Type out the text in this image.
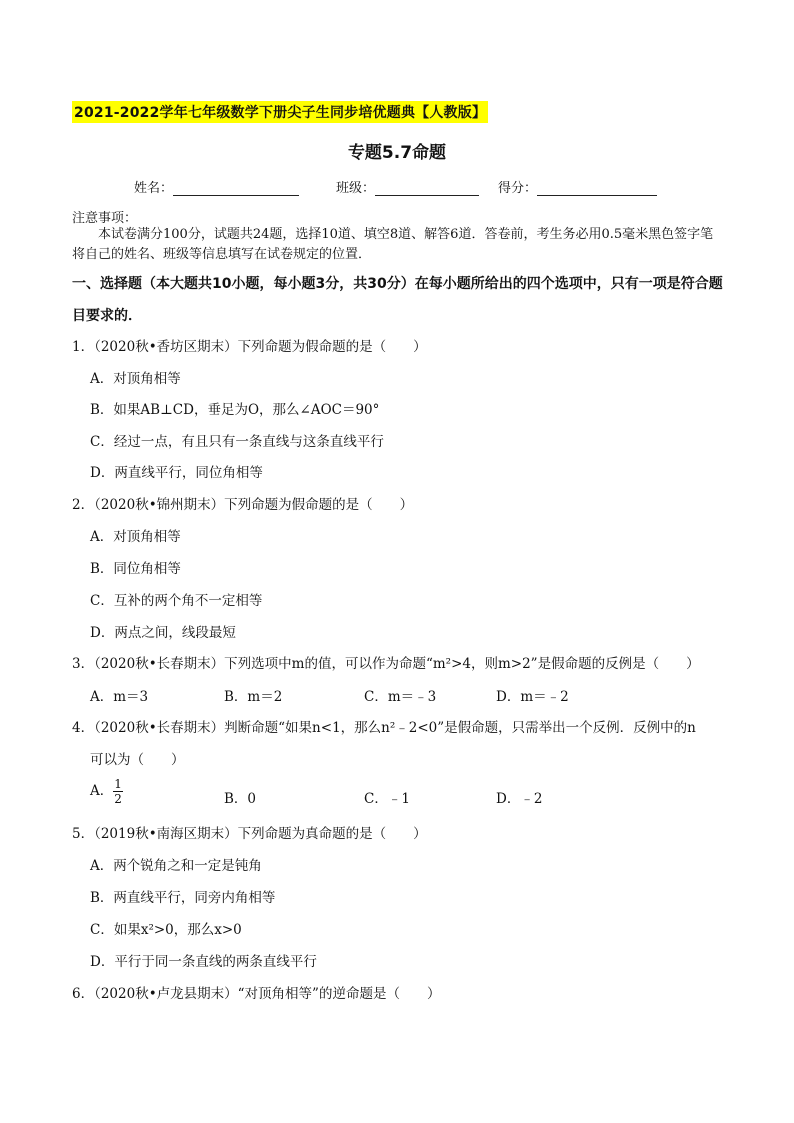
2021-2022学年七年级数学下册尖子生同步培优题典【人教版】
专题5.7命题
姓名：	班级：	得分：
注意事项：
本试卷满分100分，试题共24题，选择10道、填空8道、解答6道．答卷前，考生务必用0.5毫米黑色签字笔将自己的姓名、班级等信息填写在试卷规定的位置．
一、选择题（本大题共10小题，每小题3分，共30分）在每小题所给出的四个选项中，只有一项是符合题目要求的．
1．（2020秋•香坊区期末）下列命题为假命题的是（　　）
A．对顶角相等
B．如果AB⊥CD，垂足为O，那么∠AOC＝90°
C．经过一点，有且只有一条直线与这条直线平行
D．两直线平行，同位角相等
2．（2020秋•锦州期末）下列命题为假命题的是（　　）
A．对顶角相等
B．同位角相等
C．互补的两个角不一定相等
D．两点之间，线段最短
3．（2020秋•长春期末）下列选项中m的值，可以作为命题“m²>4，则m>2”是假命题的反例是（　　）
A．m＝3	B．m＝2	C．m＝﹣3	D．m＝﹣2
4．（2020秋•长春期末）判断命题“如果n<1，那么n²﹣2<0”是假命题，只需举出一个反例．反例中的n
可以为（　　）
A． $\frac{1}{2}$	B．0	C．﹣1	D．﹣2
5．（2019秋•南海区期末）下列命题为真命题的是（　　）
A．两个锐角之和一定是钝角
B．两直线平行，同旁内角相等
C．如果x²>0，那么x>0
D．平行于同一条直线的两条直线平行
6．（2020秋•卢龙县期末）“对顶角相等”的逆命题是（　　）
